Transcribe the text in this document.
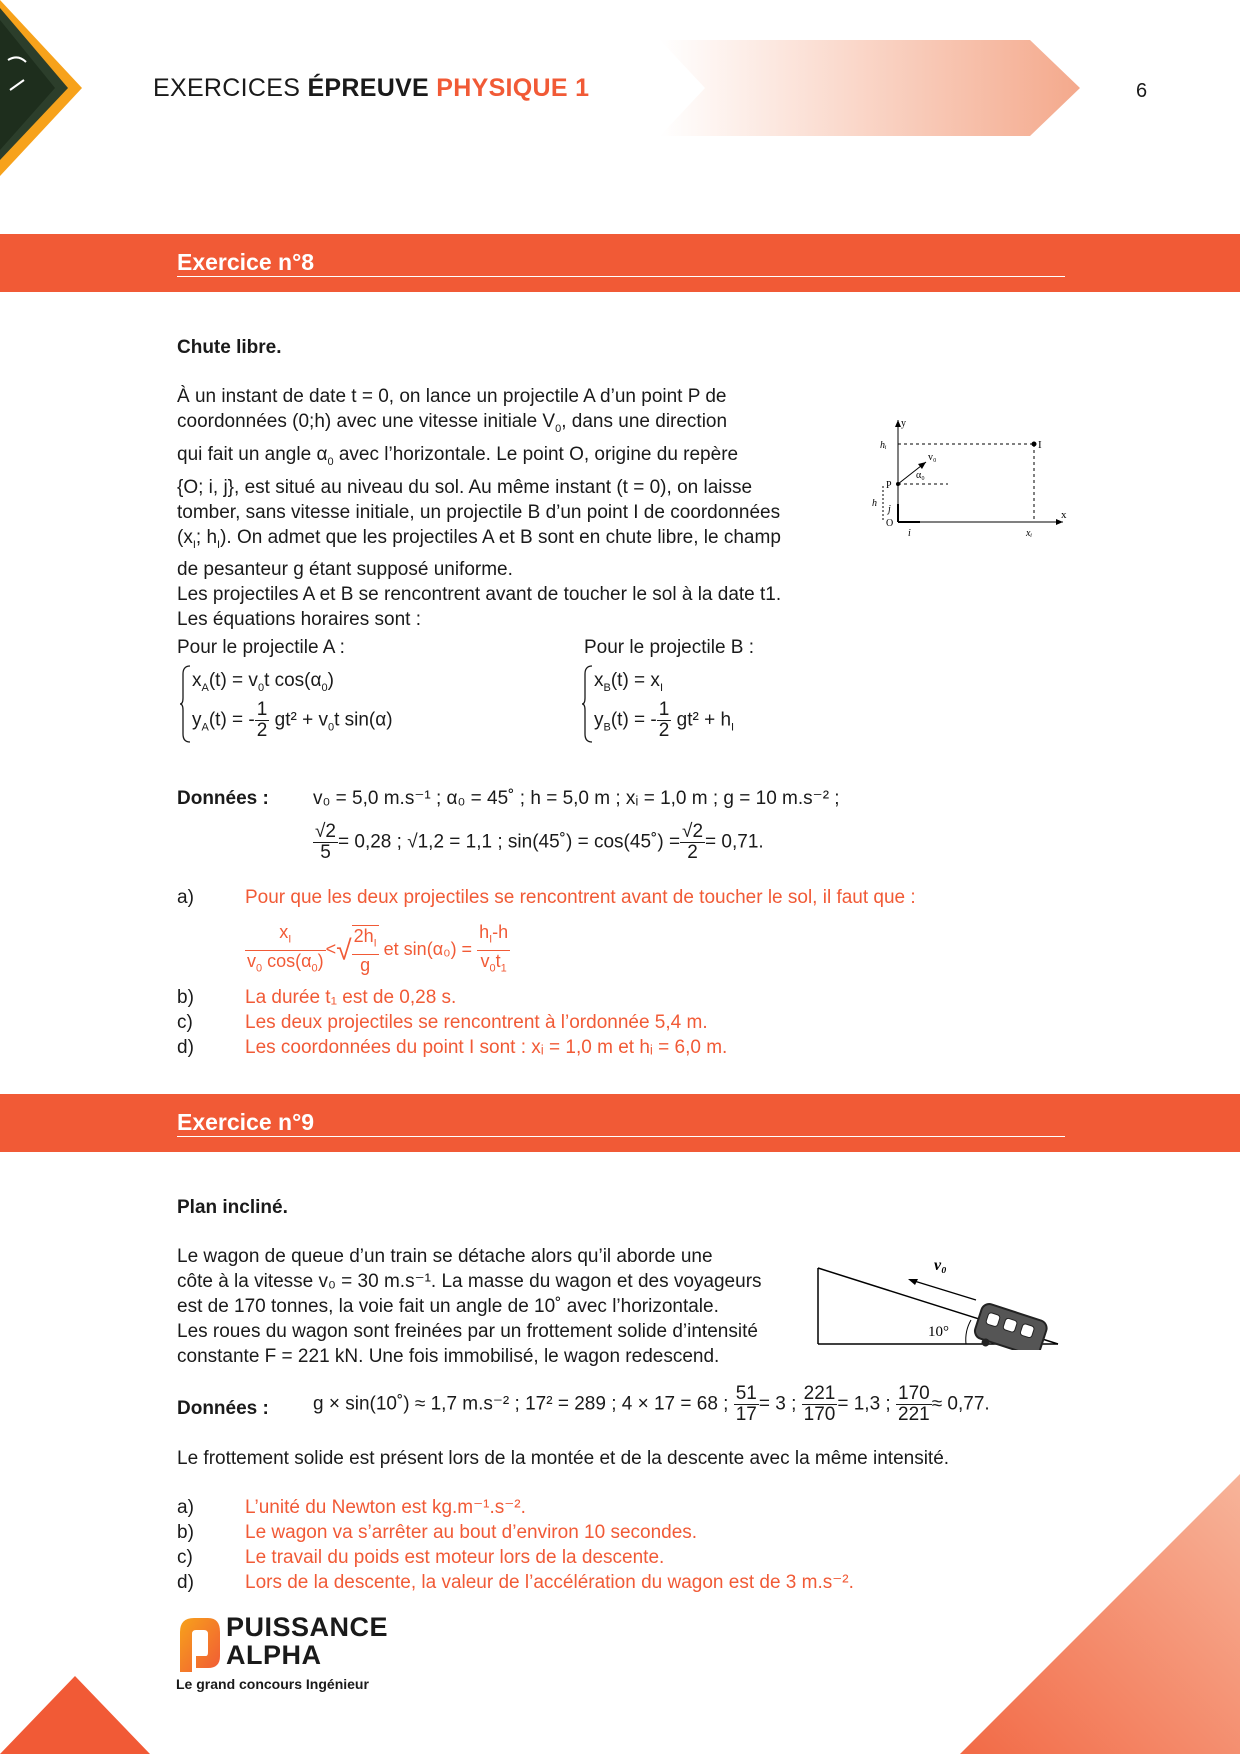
EXERCICES ÉPREUVE PHYSIQUE 1	6
Exercice n°8
Chute libre.
À un instant de date t = 0, on lance un projectile A d’un point P de
coordonnées (0;h) avec une vitesse initiale $V_0$, dans une direction
qui fait un angle $\alpha_0$ avec l’horizontale. Le point O, origine du repère
{O; i, j}, est situé au niveau du sol. Au même instant (t = 0), on laisse
tomber, sans vitesse initiale, un projectile B d’un point I de coordonnées
($x_I$; $h_I$). On admet que les projectiles A et B sont en chute libre, le champ
de pesanteur g étant supposé uniforme.
Les projectiles A et B se rencontrent avant de toucher le sol à la date t1.
Les équations horaires sont :
y
x
hᵢ	I
P
v₀
α₀
h
O
i
j
xᵢ
Pour le projectile A :	Pour le projectile B :
$x_A(t) = v_0t$ $\cos(\alpha_0)$
$y_A(t)$ = - $\frac{1}{2} gt^2 + v_0t$ sin(α)
$x_B(t) = x_I$
$y_B(t)$ = - $\frac{1}{2} gt^2 + h_I$
Données : v₀ = 5,0 m.s⁻¹ ; α₀ = 45˚ ; h = 5,0 m ; xᵢ = 1,0 m ; g = 10 m.s⁻² ;
$\frac{√2}{5} = 0,28$ ; √1,2 = 1,1 ; sin(45˚) = cos(45˚) = $\frac{√2}{2} = 0,71$.
a)	Pour que les deux projectiles se rencontrent avant de toucher le sol, il faut que :
$\frac{x_I}{v_0 \cos(\alpha_0)}$ <√ $\frac{2h_I}{g}$ et $\sin(\alpha_0) = \frac{h_I-h}{v_0t_1}$
b)	La durée t₁ est de 0,28 s.
c)	Les deux projectiles se rencontrent à l’ordonnée 5,4 m.
d)	Les coordonnées du point I sont : xᵢ = 1,0 m et hᵢ = 6,0 m.
Exercice n°9
Plan incliné.
Le wagon de queue d’un train se détache alors qu’il aborde une
côte à la vitesse v₀ = 30 m.s⁻¹. La masse du wagon et des voyageurs
est de 170 tonnes, la voie fait un angle de 10˚ avec l’horizontale.
Les roues du wagon sont freinées par un frottement solide d’intensité
constante F = 221 kN. Une fois immobilisé, le wagon redescend.
v₀
10°
Données : g × sin(10˚) ≈ 1,7 m.s⁻² ; 17² = 289 ; 4 × 17 = 68 ; $\frac{51}{17} = 3$ ; $\frac{221}{170} = 1,3$ ; $\frac{170}{221} \approx 0,77$.
Le frottement solide est présent lors de la montée et de la descente avec la même intensité.
a)	L’unité du Newton est kg.m⁻¹.s⁻².
b)	Le wagon va s’arrêter au bout d’environ 10 secondes.
c)	Le travail du poids est moteur lors de la descente.
d)	Lors de la descente, la valeur de l’accélération du wagon est de 3 m.s⁻².
PUISSANCE
ALPHA
Le grand concours Ingénieur
